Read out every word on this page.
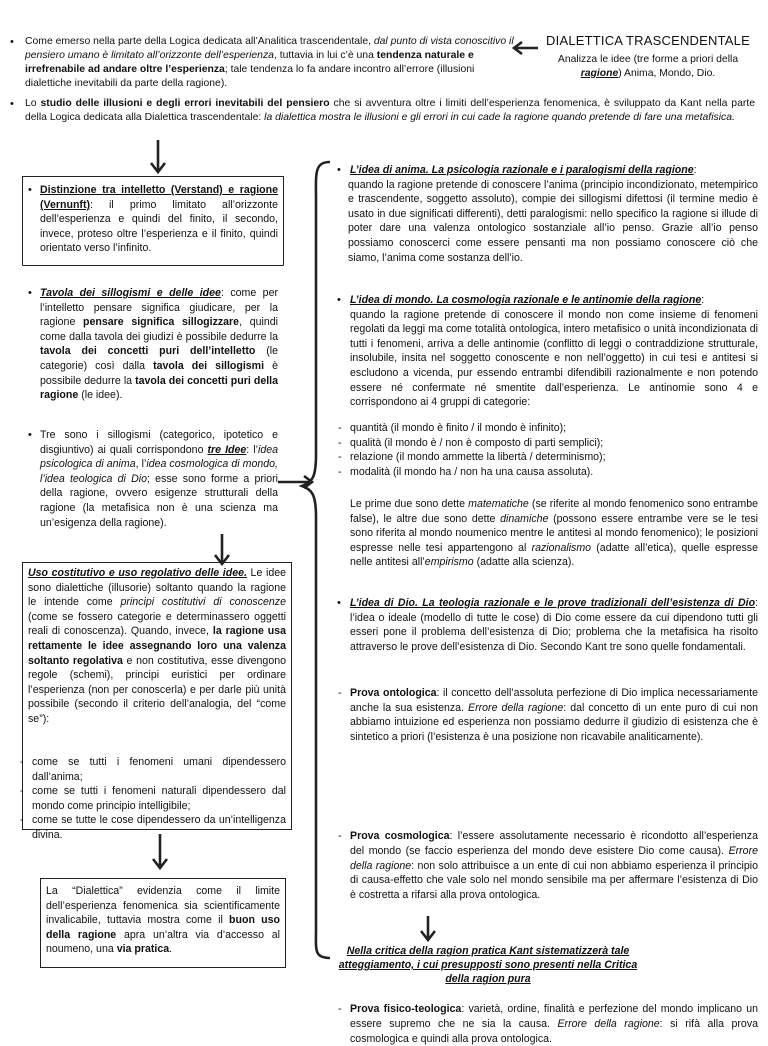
• Come emerso nella parte della Logica dedicata all’Analitica trascendentale, dal punto di vista conoscitivo il pensiero umano è limitato all’orizzonte dell’esperienza, tuttavia in lui c’è una tendenza naturale e irrefrenabile ad andare oltre l’esperienza; tale tendenza lo fa andare incontro all’errore (illusioni dialettiche inevitabili da parte della ragione).
DIALETTICA TRASCENDENTALE
Analizza le idee (tre forme a priori della ragione) Anima, Mondo, Dio.
• Lo studio delle illusioni e degli errori inevitabili del pensiero che si avventura oltre i limiti dell’esperienza fenomenica, è sviluppato da Kant nella parte della Logica dedicata alla Dialettica trascendentale: la dialettica mostra le illusioni e gli errori in cui cade la ragione quando pretende di fare una metafisica.
• Distinzione tra intelletto (Verstand) e ragione (Vernunft): il primo limitato all’orizzonte dell’esperienza e quindi del finito, il secondo, invece, proteso oltre l’esperienza e il finito, quindi orientato verso l’infinito.
• Tavola dei sillogismi e delle idee: come per l’intelletto pensare significa giudicare, per la ragione pensare significa sillogizzare, quindi come dalla tavola dei giudizi è possibile dedurre la tavola dei concetti puri dell’intelletto (le categorie) così dalla tavola dei sillogismi è possibile dedurre la tavola dei concetti puri della ragione (le idee).
• Tre sono i sillogismi (categorico, ipotetico e disgiuntivo) ai quali corrispondono tre Idee: l’idea psicologica di anima, l’idea cosmologica di mondo, l’idea teologica di Dio; esse sono forme a priori della ragione, ovvero esigenze strutturali della ragione (la metafisica non è una scienza ma un’esigenza della ragione).
Uso costitutivo e uso regolativo delle idee. Le idee sono dialettiche (illusorie) soltanto quando la ragione le intende come principi costitutivi di conoscenze (come se fossero categorie e determinassero oggetti reali di conoscenza). Quando, invece, la ragione usa rettamente le idee assegnando loro una valenza soltanto regolativa e non costitutiva, esse divengono regole (schemi), principi euristici per ordinare l’esperienza (non per conoscerla) e per darle più unità possibile (secondo il criterio dell’analogia, del “come se”):
- come se tutti i fenomeni umani dipendessero dall’anima;
- come se tutti i fenomeni naturali dipendessero dal mondo come principio intelligibile;
- come se tutte le cose dipendessero da un’intelligenza divina.
La “Dialettica” evidenzia come il limite dell’esperienza fenomenica sia scientificamente invalicabile, tuttavia mostra come il buon uso della ragione apra un’altra via d’accesso al noumeno, una via pratica.
• L’idea di anima. La psicologia razionale e i paralogismi della ragione:
quando la ragione pretende di conoscere l’anima (principio incondizionato, metempirico e trascendente, soggetto assoluto), compie dei sillogismi difettosi (il termine medio è usato in due significati differenti), detti paralogismi: nello specifico la ragione si illude di poter dare una valenza ontologico sostanziale all’io penso. Grazie all’io penso possiamo conoscerci come essere pensanti ma non possiamo conoscere ciò che siamo, l’anima come sostanza dell’io.
• L’idea di mondo. La cosmologia razionale e le antinomie della ragione:
quando la ragione pretende di conoscere il mondo non come insieme di fenomeni regolati da leggi ma come totalità ontologica, intero metafisico o unità incondizionata di tutti i fenomeni, arriva a delle antinomie (conflitto di leggi o contraddizione strutturale, insolubile, insita nel soggetto conoscente e non nell’oggetto) in cui tesi e antitesi si escludono a vicenda, pur essendo entrambi difendibili razionalmente e non potendo essere né confermate né smentite dall’esperienza. Le antinomie sono 4 e corrispondono ai 4 gruppi di categorie:
- quantità (il mondo è finito / il mondo è infinito);
- qualità (il mondo è / non è composto di parti semplici);
- relazione (il mondo ammette la libertà / determinismo);
- modalità (il mondo ha / non ha una causa assoluta).
Le prime due sono dette matematiche (se riferite al mondo fenomenico sono entrambe false), le altre due sono dette dinamiche (possono essere entrambe vere se le tesi sono riferita al mondo noumenico mentre le antitesi al mondo fenomenico); le posizioni espresse nelle tesi appartengono al razionalismo (adatte all’etica), quelle espresse nelle antitesi all’empirismo (adatte alla scienza).
• L’idea di Dio. La teologia razionale e le prove tradizionali dell’esistenza di Dio: l’idea o ideale (modello di tutte le cose) di Dio come essere da cui dipendono tutti gli esseri pone il problema dell’esistenza di Dio; problema che la metafisica ha risolto attraverso le prove dell’esistenza di Dio. Secondo Kant tre sono quelle fondamentali.
- Prova ontologica: il concetto dell’assoluta perfezione di Dio implica necessariamente anche la sua esistenza. Errore della ragione: dal concetto di un ente puro di cui non abbiamo intuizione ed esperienza non possiamo dedurre il giudizio di esistenza che è sintetico a priori (l’esistenza è una posizione non ricavabile analiticamente).
- Prova cosmologica: l’essere assolutamente necessario è ricondotto all’esperienza del mondo (se faccio esperienza del mondo deve esistere Dio come causa). Errore della ragione: non solo attribuisce a un ente di cui non abbiamo esperienza il principio di causa-effetto che vale solo nel mondo sensibile ma per affermare l’esistenza di Dio è costretta a rifarsi alla prova ontologica.
- Prova fisico-teologica: varietà, ordine, finalità e perfezione del mondo implicano un essere supremo che ne sia la causa. Errore della ragione: si rifà alla prova cosmologica e quindi alla prova ontologica.
Nella critica della ragion pratica Kant sistematizzerà tale atteggiamento, i cui presupposti sono presenti nella Critica della ragion pura
